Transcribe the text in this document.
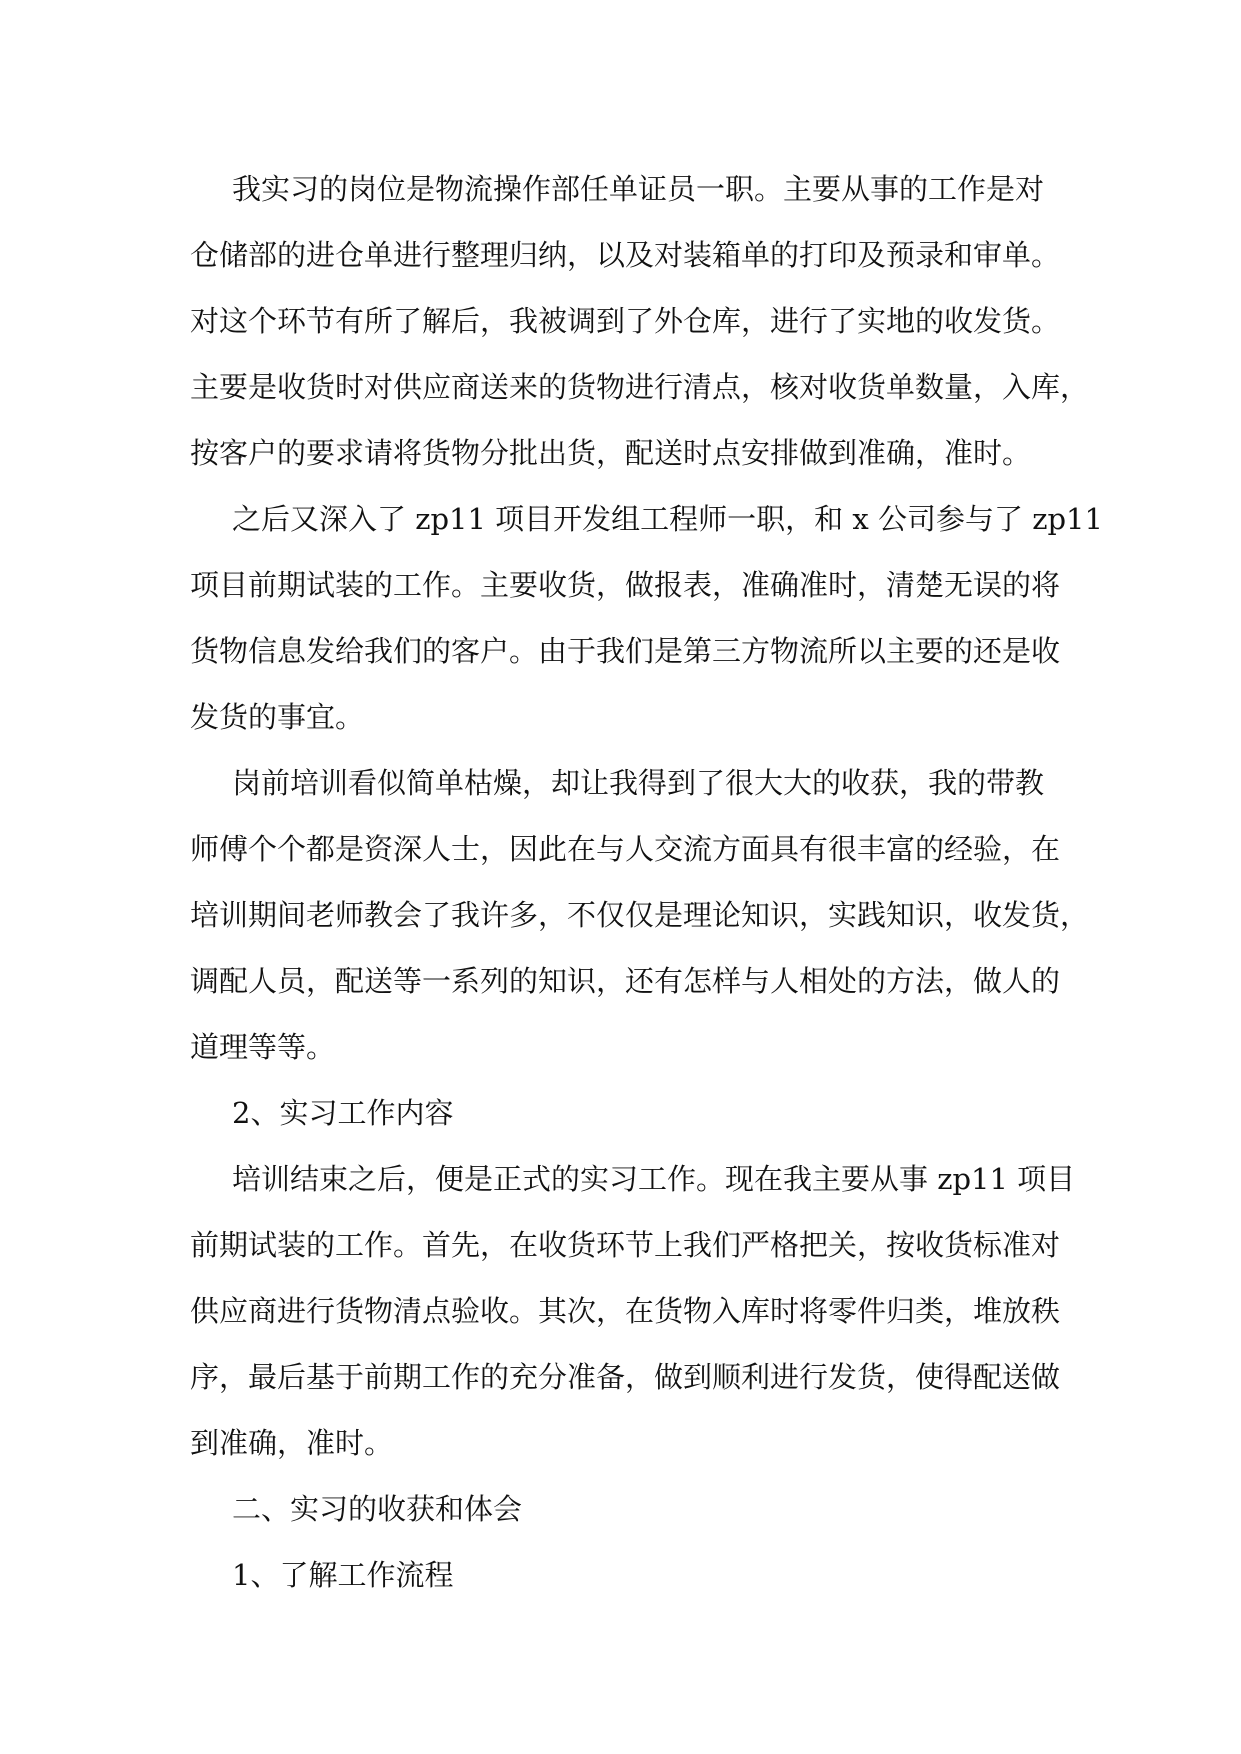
我实习的岗位是物流操作部任单证员一职。主要从事的工作是对
仓储部的进仓单进行整理归纳，以及对装箱单的打印及预录和审单。
对这个环节有所了解后，我被调到了外仓库，进行了实地的收发货。
主要是收货时对供应商送来的货物进行清点，核对收货单数量，入库，
按客户的要求请将货物分批出货，配送时点安排做到准确，准时。

之后又深入了 zp11 项目开发组工程师一职，和 x 公司参与了 zp11
项目前期试装的工作。主要收货，做报表，准确准时，清楚无误的将
货物信息发给我们的客户。由于我们是第三方物流所以主要的还是收
发货的事宜。

岗前培训看似简单枯燥，却让我得到了很大大的收获，我的带教
师傅个个都是资深人士，因此在与人交流方面具有很丰富的经验，在
培训期间老师教会了我许多，不仅仅是理论知识，实践知识，收发货，
调配人员，配送等一系列的知识，还有怎样与人相处的方法，做人的
道理等等。

2、实习工作内容

培训结束之后，便是正式的实习工作。现在我主要从事 zp11 项目
前期试装的工作。首先，在收货环节上我们严格把关，按收货标准对
供应商进行货物清点验收。其次，在货物入库时将零件归类，堆放秩
序，最后基于前期工作的充分准备，做到顺利进行发货，使得配送做
到准确，准时。

二、实习的收获和体会

1、了解工作流程
